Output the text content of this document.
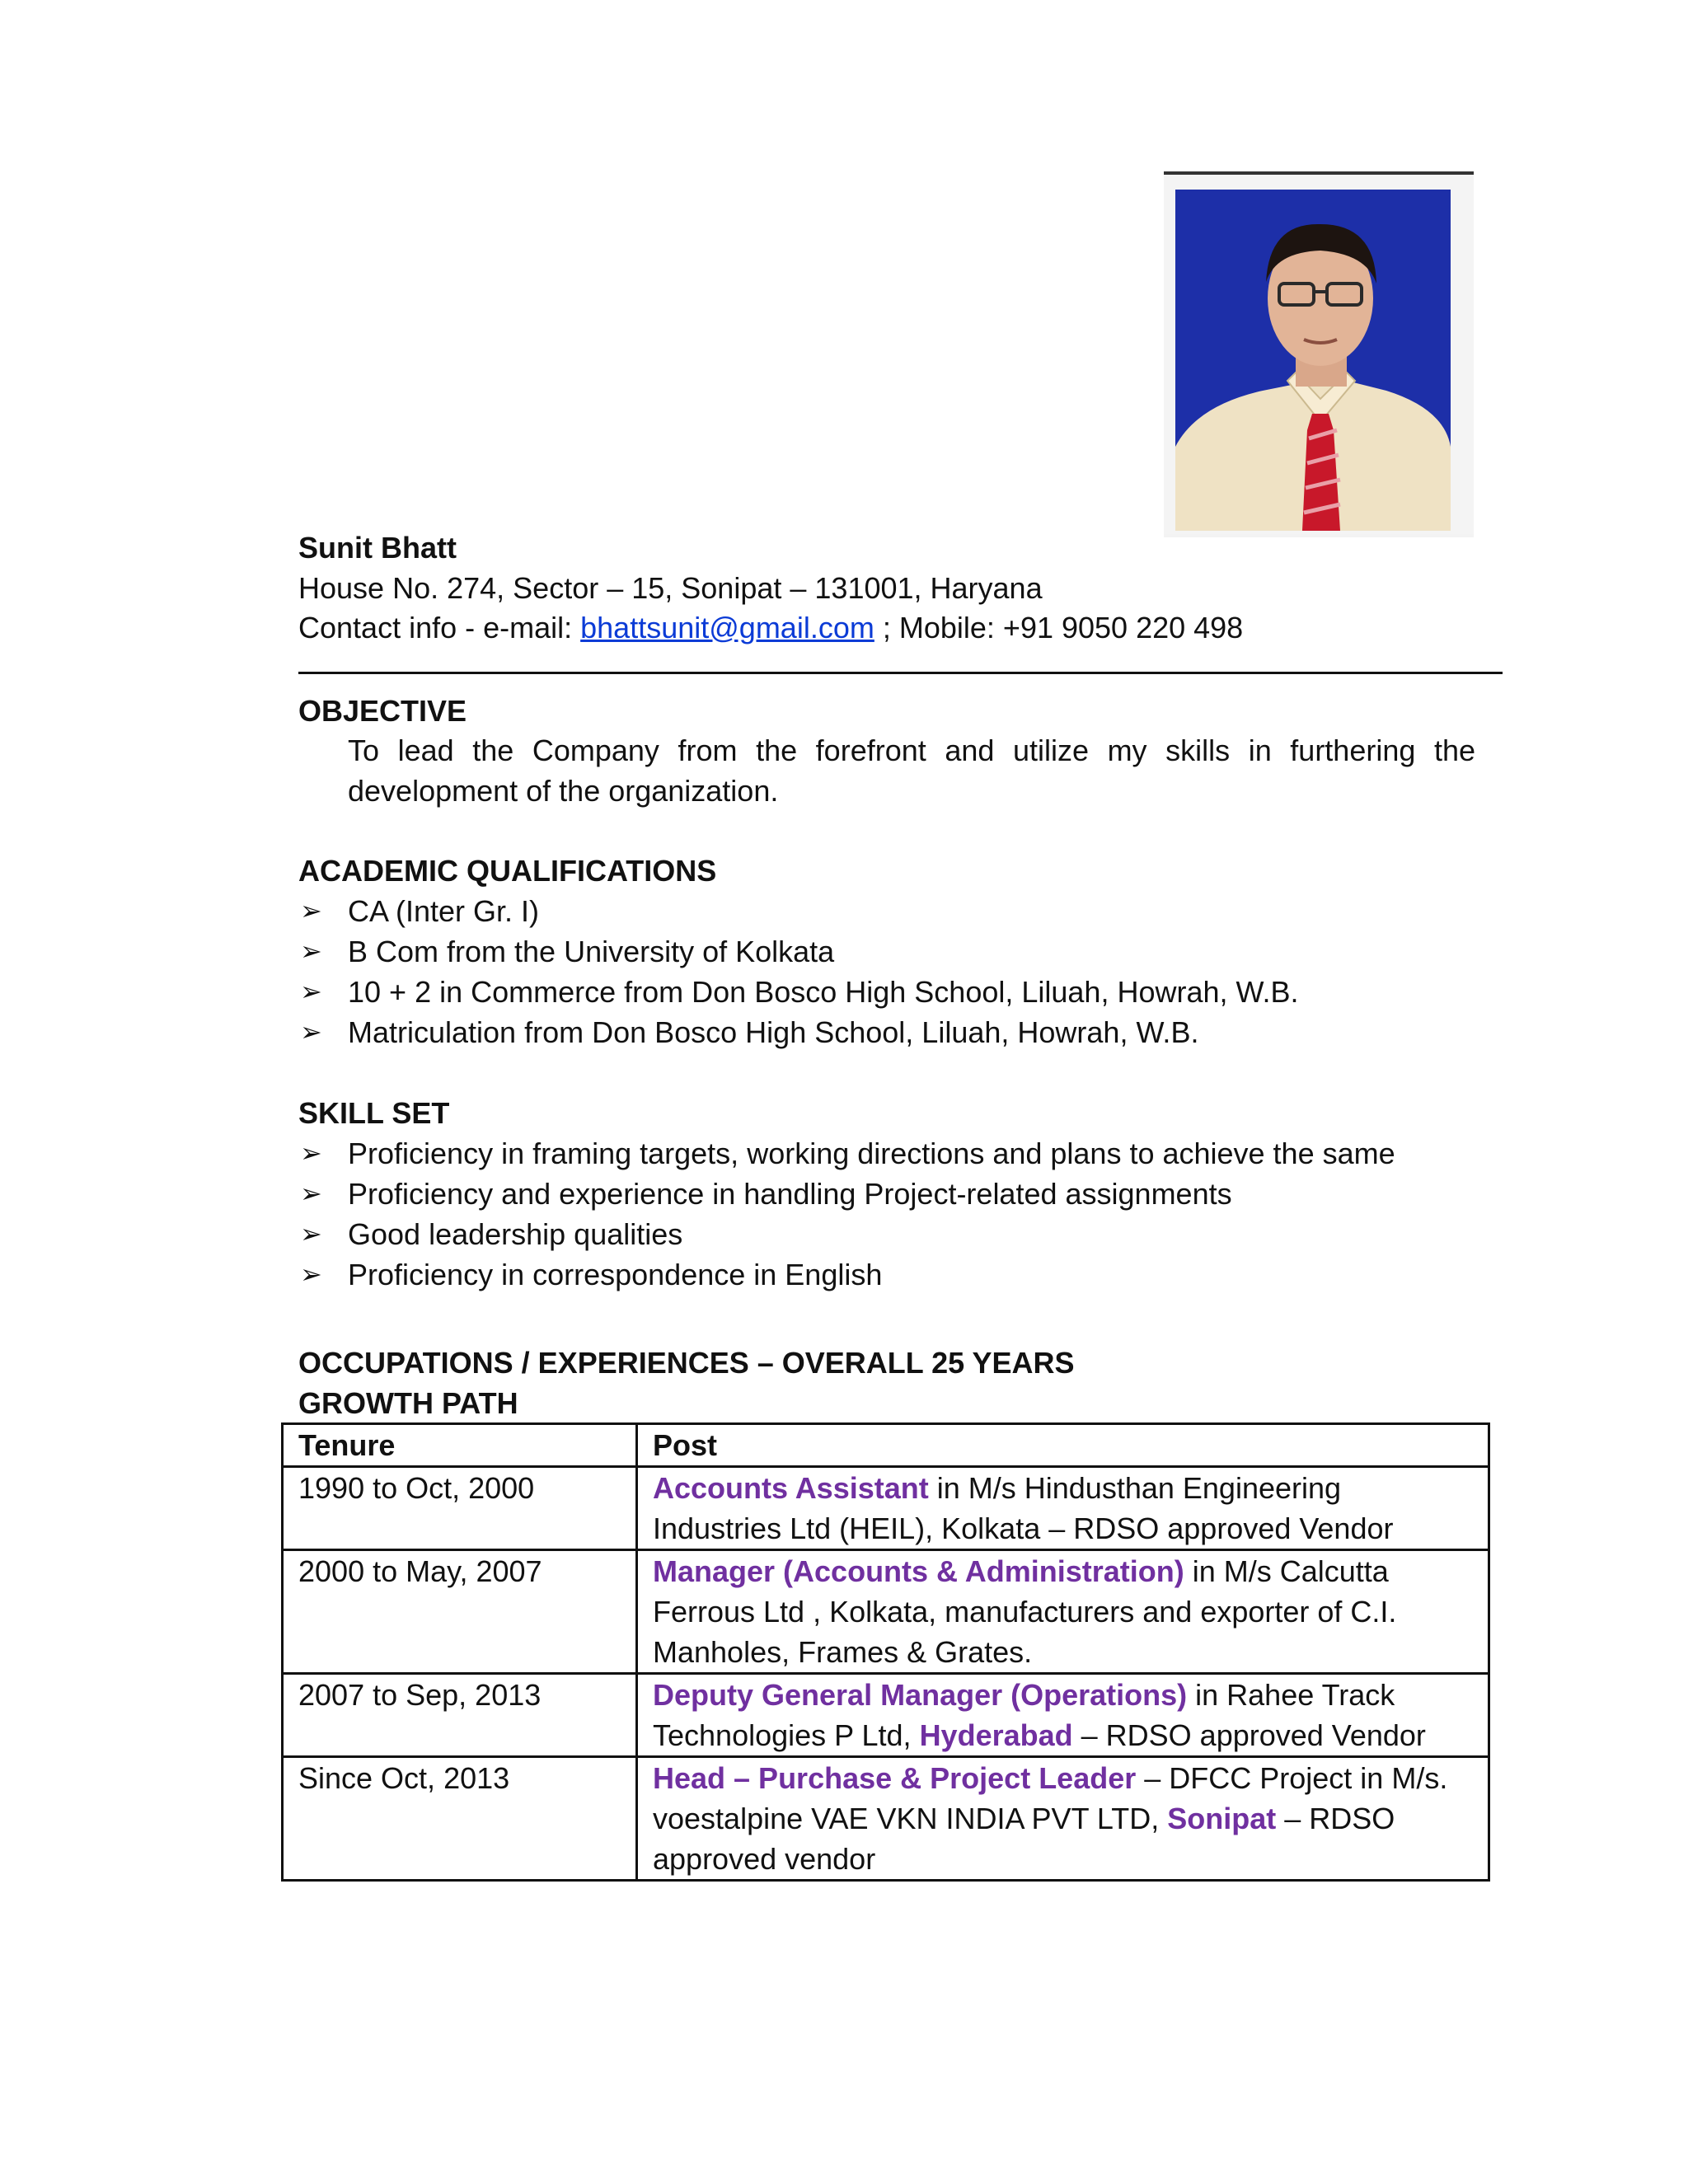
Sunit Bhatt
House No. 274, Sector – 15, Sonipat – 131001, Haryana
Contact info - e-mail: bhattsunit@gmail.com ; Mobile: +91 9050 220 498
OBJECTIVE
To lead the Company from the forefront and utilize my skills in furthering the
development of the organization.
ACADEMIC QUALIFICATIONS
➢ CA (Inter Gr. I)
➢ B Com from the University of Kolkata
➢ 10 + 2 in Commerce from Don Bosco High School, Liluah, Howrah, W.B.
➢ Matriculation from Don Bosco High School, Liluah, Howrah, W.B.
SKILL SET
➢ Proficiency in framing targets, working directions and plans to achieve the same
➢ Proficiency and experience in handling Project-related assignments
➢ Good leadership qualities
➢ Proficiency in correspondence in English
OCCUPATIONS / EXPERIENCES – OVERALL 25 YEARS
GROWTH PATH
Tenure	Post
1990 to Oct, 2000	Accounts Assistant in M/s Hindusthan Engineering Industries Ltd (HEIL), Kolkata – RDSO approved Vendor
2000 to May, 2007	Manager (Accounts & Administration) in M/s Calcutta Ferrous Ltd , Kolkata, manufacturers and exporter of C.I. Manholes, Frames & Grates.
2007 to Sep, 2013	Deputy General Manager (Operations) in Rahee Track Technologies P Ltd, Hyderabad – RDSO approved Vendor
Since Oct, 2013	Head – Purchase & Project Leader – DFCC Project in M/s. voestalpine VAE VKN INDIA PVT LTD, Sonipat – RDSO approved vendor
